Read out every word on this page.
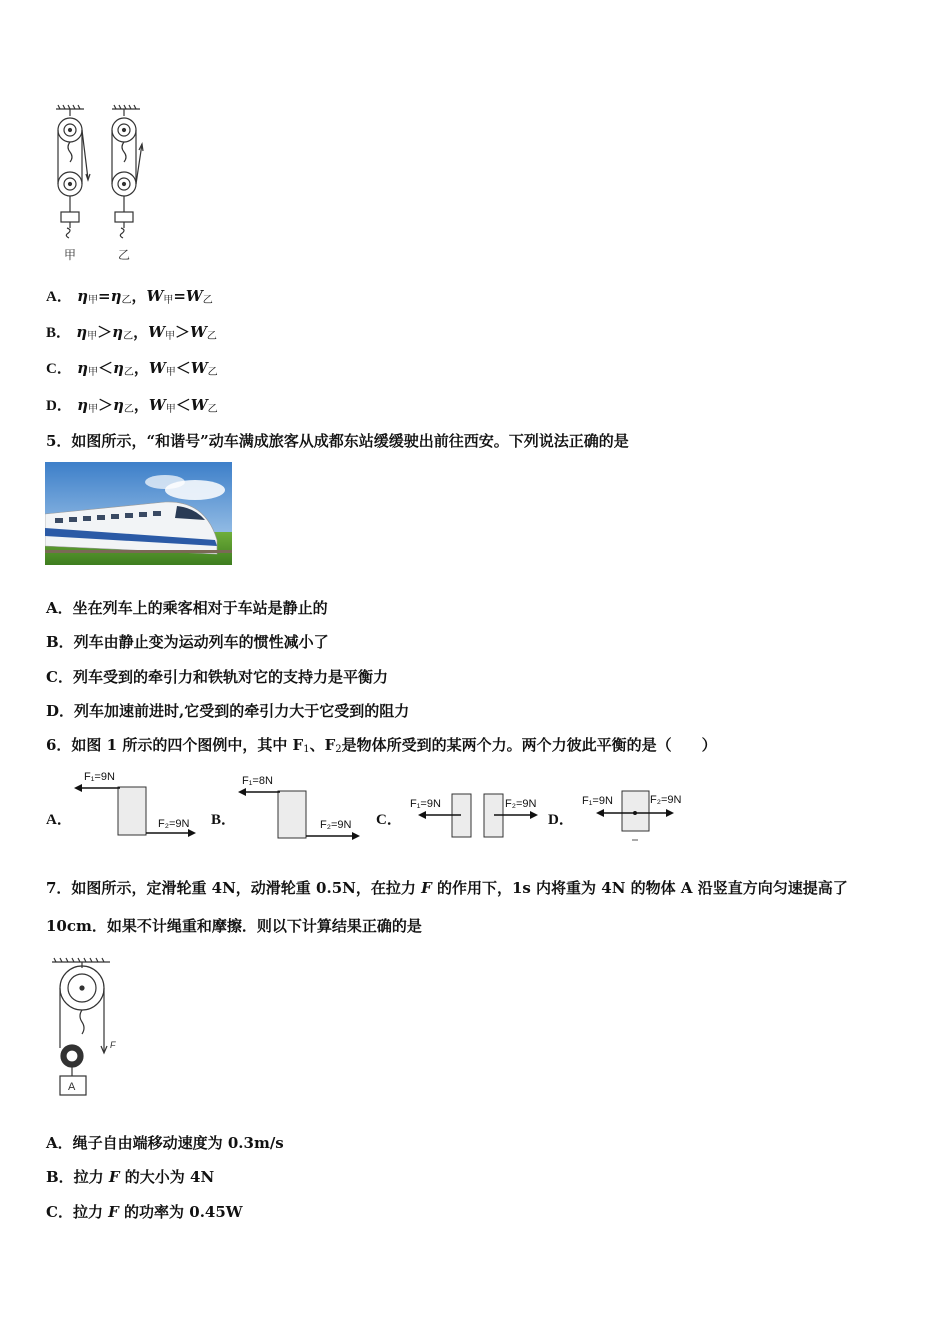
甲	乙
A． $\eta_甲=\eta_乙$，$W_甲=W_乙$
B． $\eta_甲>\eta_乙$，$W_甲>W_乙$
C． $\eta_甲<\eta_乙$，$W_甲<W_乙$
D． $\eta_甲>\eta_乙$，$W_甲<W_乙$
5．如图所示，“和谐号”动车满成旅客从成都东站缓缓驶出前往西安。下列说法正确的是
A．坐在列车上的乘客相对于车站是静止的
B．列车由静止变为运动列车的惯性减小了
C．列车受到的牵引力和铁轨对它的支持力是平衡力
D．列车加速前进时,它受到的牵引力大于它受到的阻力
6．如图 1 所示的四个图例中，其中 $F_1$、$F_2$是物体所受到的某两个力。两个力彼此平衡的是（　　）
A．
F₁=9N
F₂=9N B．
F₁=8N
F₂=9N C．
F₁=9N	F₂=9N
D．
F₁=9N	F₂=9N
7．如图所示，定滑轮重 4N，动滑轮重 0.5N，在拉力 F 的作用下，1s 内将重为 4N 的物体 A 沿竖直方向匀速提高了
10cm．如果不计绳重和摩擦．则以下计算结果正确的是
A
F
A．绳子自由端移动速度为 0.3m/s
B．拉力 F 的大小为 4N
C．拉力 F 的功率为 0.45W
